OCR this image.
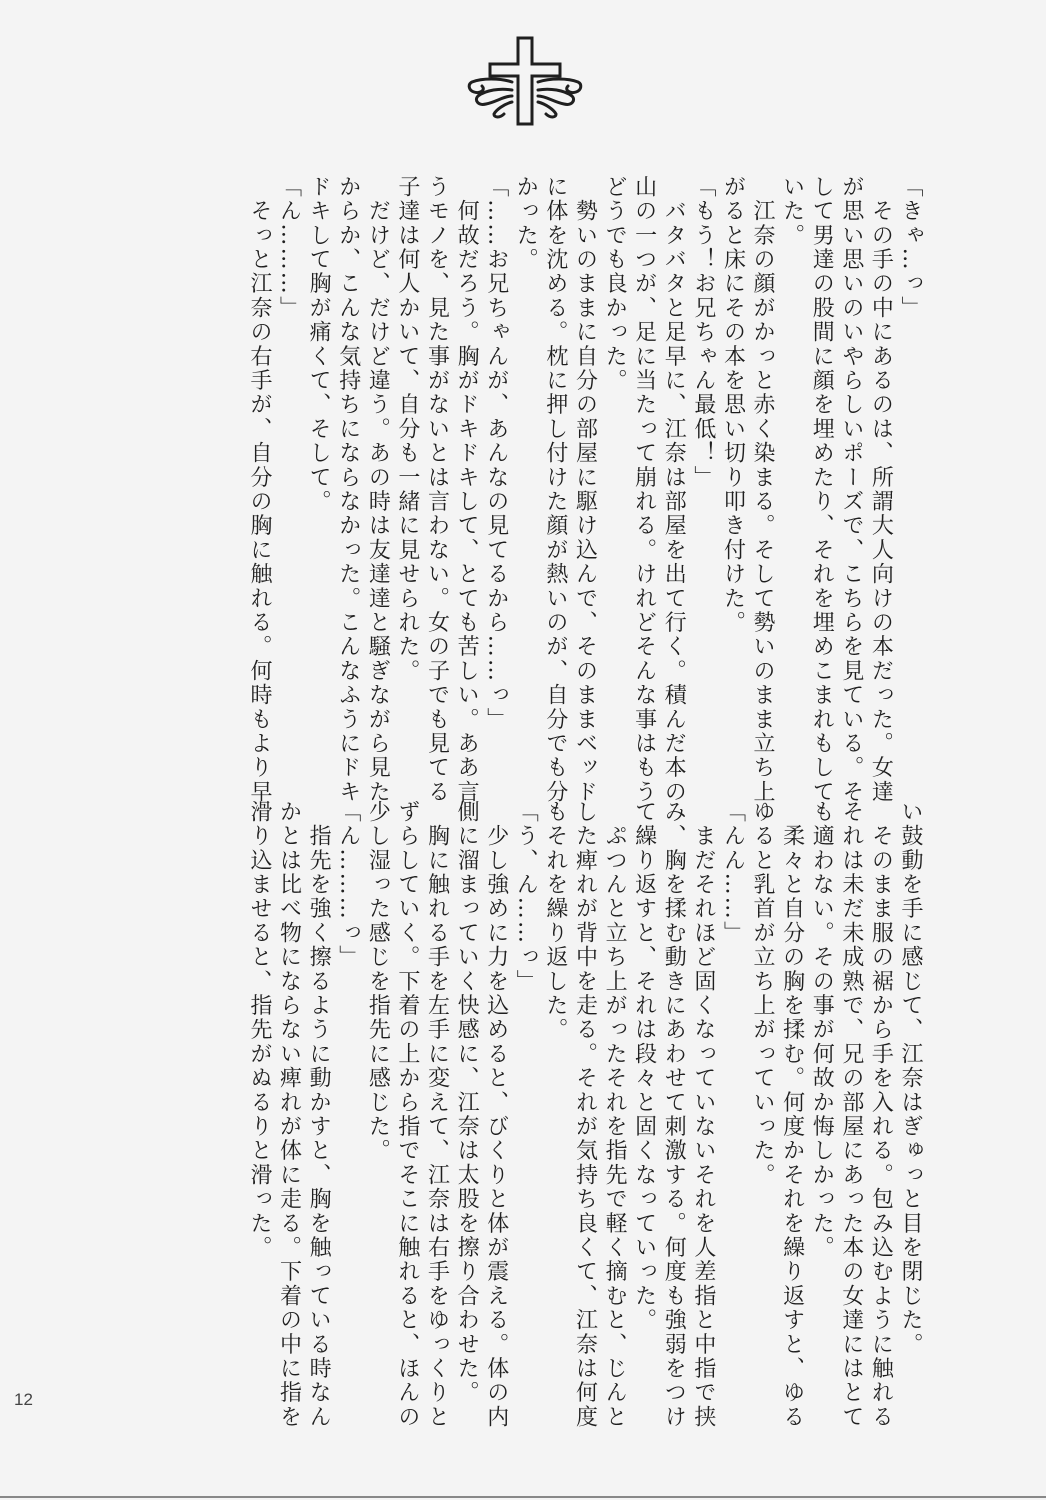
「きゃ…っ」
　その手の中にあるのは、所謂大人向けの本だった。女達
が思い思いのいやらしいポーズで、こちらを見ている。そ
して男達の股間に顔を埋めたり、それを埋めこまれもして
いた。
　江奈の顔がかっと赤く染まる。そして勢いのまま立ち上
がると床にその本を思い切り叩き付けた。
「もう！お兄ちゃん最低！」
　バタバタと足早に、江奈は部屋を出て行く。積んだ本の
山の一つが、足に当たって崩れる。けれどそんな事はもう
どうでも良かった。
　勢いのままに自分の部屋に駆け込んで、そのままベッド
に体を沈める。枕に押し付けた顔が熱いのが、自分でも分
かった。
「……お兄ちゃんが、あんなの見てるから……っ」
　何故だろう。胸がドキドキして、とても苦しい。ああ言
うモノを、見た事がないとは言わない。女の子でも見てる
子達は何人かいて、自分も一緒に見せられた。
　だけど、だけど違う。あの時は友達達と騒ぎながら見た
からか、こんな気持ちにならなかった。こんなふうにドキ
ドキして胸が痛くて、そして。
「ん………」
　そっと江奈の右手が、自分の胸に触れる。何時もより早
い鼓動を手に感じて、江奈はぎゅっと目を閉じた。
　そのまま服の裾から手を入れる。包み込むように触れる
それは未だ未成熟で、兄の部屋にあった本の女達にはとて
も適わない。その事が何故か悔しかった。
　柔々と自分の胸を揉む。何度かそれを繰り返すと、ゆる
ゆると乳首が立ち上がっていった。
「んん……」
　まだそれほど固くなっていないそれを人差指と中指で挟
み、胸を揉む動きにあわせて刺激する。何度も強弱をつけ
て繰り返すと、それは段々と固くなっていった。
　ぷつんと立ち上がったそれを指先で軽く摘むと、じんと
した痺れが背中を走る。それが気持ち良くて、江奈は何度
もそれを繰り返した。
「う、ん……っ」
　少し強めに力を込めると、びくりと体が震える。体の内
側に溜まっていく快感に、江奈は太股を擦り合わせた。
　胸に触れる手を左手に変えて、江奈は右手をゆっくりと
ずらしていく。下着の上から指でそこに触れると、ほんの
少し湿った感じを指先に感じた。
「ん………っ」
　指先を強く擦るように動かすと、胸を触っている時なん
かとは比べ物にならない痺れが体に走る。下着の中に指を
滑り込ませると、指先がぬるりと滑った。
12
